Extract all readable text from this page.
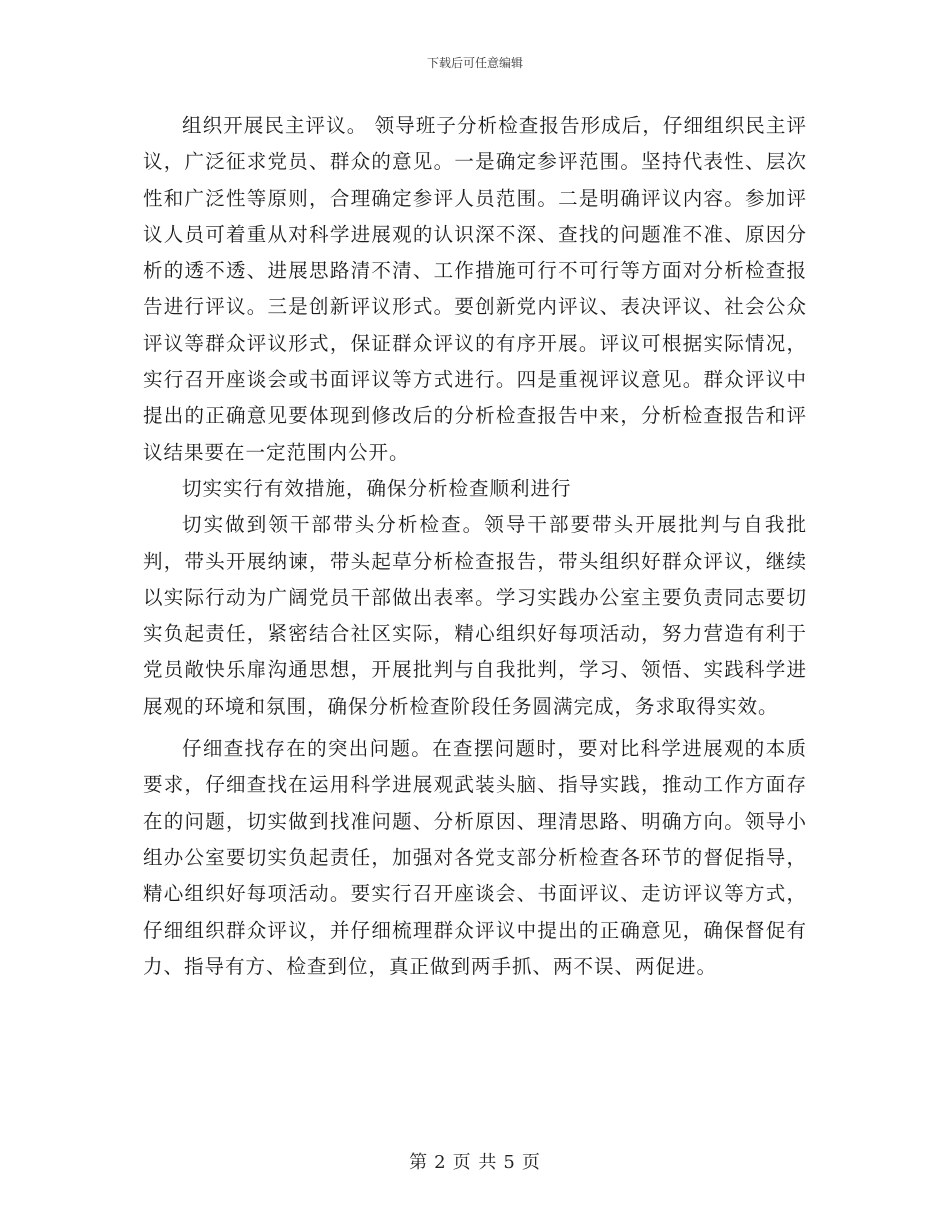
下载后可任意编辑

组织开展民主评议。 领导班子分析检查报告形成后，仔细组织民主评议，广泛征求党员、群众的意见。一是确定参评范围。坚持代表性、层次性和广泛性等原则，合理确定参评人员范围。二是明确评议内容。参加评议人员可着重从对科学进展观的认识深不深、查找的问题准不准、原因分析的透不透、进展思路清不清、工作措施可行不可行等方面对分析检查报告进行评议。三是创新评议形式。要创新党内评议、表决评议、社会公众评议等群众评议形式，保证群众评议的有序开展。评议可根据实际情况，实行召开座谈会或书面评议等方式进行。四是重视评议意见。群众评议中提出的正确意见要体现到修改后的分析检查报告中来，分析检查报告和评议结果要在一定范围内公开。

切实实行有效措施，确保分析检查顺利进行

切实做到领干部带头分析检查。领导干部要带头开展批判与自我批判，带头开展纳谏，带头起草分析检查报告，带头组织好群众评议，继续以实际行动为广阔党员干部做出表率。学习实践办公室主要负责同志要切实负起责任，紧密结合社区实际，精心组织好每项活动，努力营造有利于党员敞快乐扉沟通思想，开展批判与自我批判，学习、领悟、实践科学进展观的环境和氛围，确保分析检查阶段任务圆满完成，务求取得实效。

仔细查找存在的突出问题。在查摆问题时，要对比科学进展观的本质要求，仔细查找在运用科学进展观武装头脑、指导实践，推动工作方面存在的问题，切实做到找准问题、分析原因、理清思路、明确方向。领导小组办公室要切实负起责任，加强对各党支部分析检查各环节的督促指导，精心组织好每项活动。要实行召开座谈会、书面评议、走访评议等方式，仔细组织群众评议，并仔细梳理群众评议中提出的正确意见，确保督促有力、指导有方、检查到位，真正做到两手抓、两不误、两促进。

第 2 页 共 5 页
